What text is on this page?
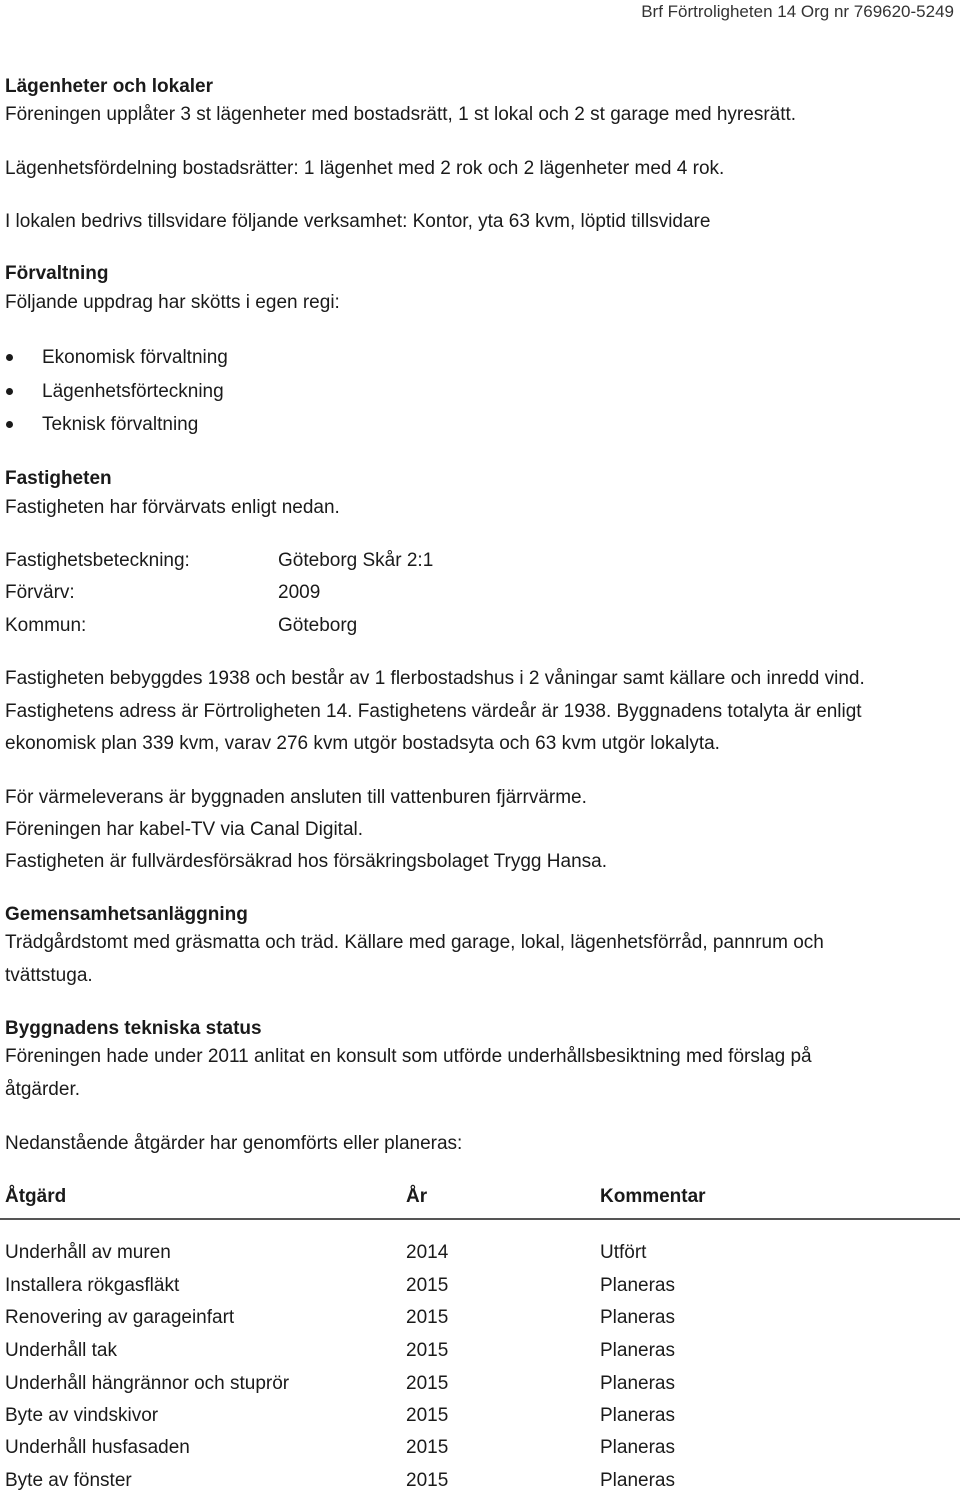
Brf Förtroligheten 14 Org nr 769620-5249
Lägenheter och lokaler
Föreningen upplåter 3 st lägenheter med bostadsrätt, 1 st lokal och 2 st garage med hyresrätt.
Lägenhetsfördelning bostadsrätter: 1 lägenhet med 2 rok och 2 lägenheter med 4 rok.
I lokalen bedrivs tillsvidare följande verksamhet: Kontor, yta 63 kvm, löptid tillsvidare
Förvaltning
Följande uppdrag har skötts i egen regi:
Ekonomisk förvaltning
Lägenhetsförteckning
Teknisk förvaltning
Fastigheten
Fastigheten har förvärvats enligt nedan.
Fastighetsbeteckning:	Göteborg Skår 2:1
Förvärv:	2009
Kommun:	Göteborg
Fastigheten bebyggdes 1938 och består av 1 flerbostadshus i 2 våningar samt källare och inredd vind.
Fastighetens adress är Förtroligheten 14. Fastighetens värdeår är 1938. Byggnadens totalyta är enligt
ekonomisk plan 339 kvm, varav 276 kvm utgör bostadsyta och 63 kvm utgör lokalyta.
För värmeleverans är byggnaden ansluten till vattenburen fjärrvärme.
Föreningen har kabel-TV via Canal Digital.
Fastigheten är fullvärdesförsäkrad hos försäkringsbolaget Trygg Hansa.
Gemensamhetsanläggning
Trädgårdstomt med gräsmatta och träd. Källare med garage, lokal, lägenhetsförråd, pannrum och
tvättstuga.
Byggnadens tekniska status
Föreningen hade under 2011 anlitat en konsult som utförde underhållsbesiktning med förslag på
åtgärder.
Nedanstående åtgärder har genomförts eller planeras:
Åtgärd	År	Kommentar
Underhåll av muren	2014	Utfört
Installera rökgasfläkt	2015	Planeras
Renovering av garageinfart	2015	Planeras
Underhåll tak	2015	Planeras
Underhåll hängrännor och stuprör	2015	Planeras
Byte av vindskivor	2015	Planeras
Underhåll husfasaden	2015	Planeras
Byte av fönster	2015	Planeras
